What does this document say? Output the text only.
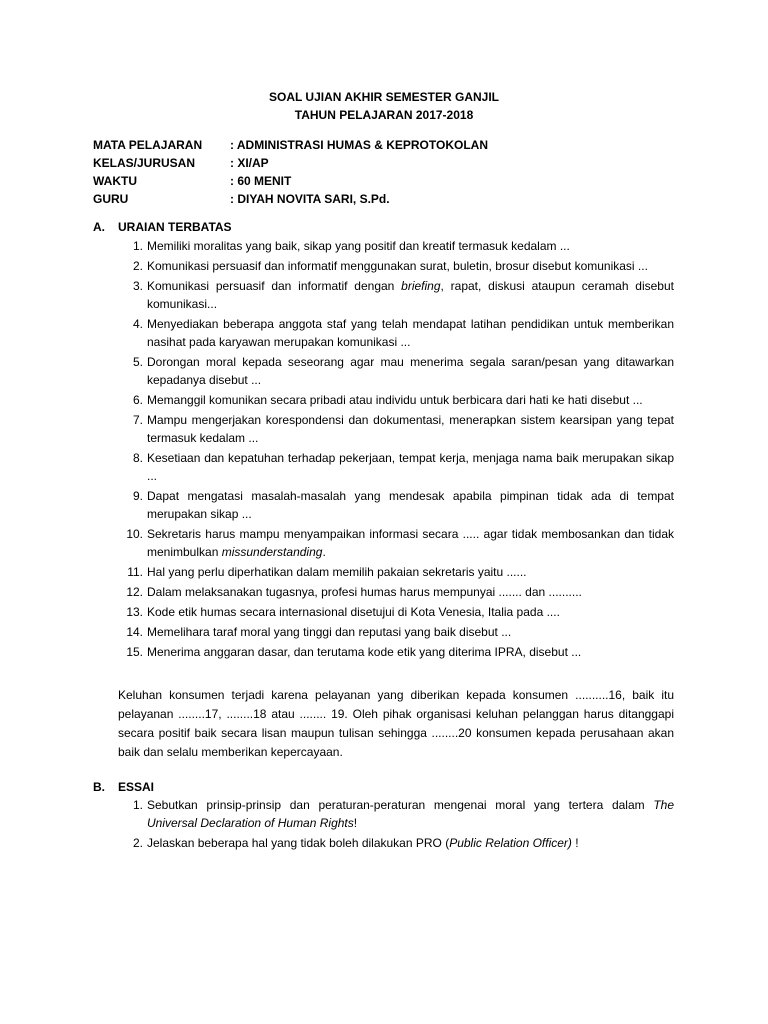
SOAL UJIAN AKHIR SEMESTER GANJIL
TAHUN PELAJARAN 2017-2018
MATA PELAJARAN	: ADMINISTRASI HUMAS & KEPROTOKOLAN
KELAS/JURUSAN	: XI/AP
WAKTU	: 60 MENIT
GURU	: DIYAH NOVITA SARI, S.Pd.
A.	URAIAN TERBATAS
1. Memiliki moralitas yang baik, sikap yang positif dan kreatif termasuk kedalam ...
2. Komunikasi persuasif dan informatif menggunakan surat, buletin, brosur disebut komunikasi ...
3. Komunikasi persuasif dan informatif dengan briefing, rapat, diskusi ataupun ceramah disebut komunikasi...
4. Menyediakan beberapa anggota staf yang telah mendapat latihan pendidikan untuk memberikan nasihat pada karyawan merupakan komunikasi ...
5. Dorongan moral kepada seseorang agar mau menerima segala saran/pesan yang ditawarkan kepadanya disebut ...
6. Memanggil komunikan secara pribadi atau individu untuk berbicara dari hati ke hati disebut ...
7. Mampu mengerjakan korespondensi dan dokumentasi, menerapkan sistem kearsipan yang tepat termasuk kedalam ...
8. Kesetiaan dan kepatuhan terhadap pekerjaan, tempat kerja, menjaga nama baik merupakan sikap ...
9. Dapat mengatasi masalah-masalah yang mendesak apabila pimpinan tidak ada di tempat merupakan sikap ...
10. Sekretaris harus mampu menyampaikan informasi secara ..... agar tidak membosankan dan tidak menimbulkan missunderstanding.
11. Hal yang perlu diperhatikan dalam memilih pakaian sekretaris yaitu ......
12. Dalam melaksanakan tugasnya, profesi humas harus mempunyai ....... dan ..........
13. Kode etik humas secara internasional disetujui di Kota Venesia, Italia pada ....
14. Memelihara taraf moral yang tinggi dan reputasi yang baik disebut ...
15. Menerima anggaran dasar, dan terutama kode etik yang diterima IPRA, disebut ...
Keluhan konsumen terjadi karena pelayanan yang diberikan kepada konsumen ..........16, baik itu pelayanan ........17, ........18 atau ........ 19. Oleh pihak organisasi keluhan pelanggan harus ditanggapi secara positif baik secara lisan maupun tulisan sehingga ........20 konsumen kepada perusahaan akan baik dan selalu memberikan kepercayaan.
B.	ESSAI
1. Sebutkan prinsip-prinsip dan peraturan-peraturan mengenai moral yang tertera dalam The Universal Declaration of Human Rights!
2. Jelaskan beberapa hal yang tidak boleh dilakukan PRO (Public Relation Officer) !
